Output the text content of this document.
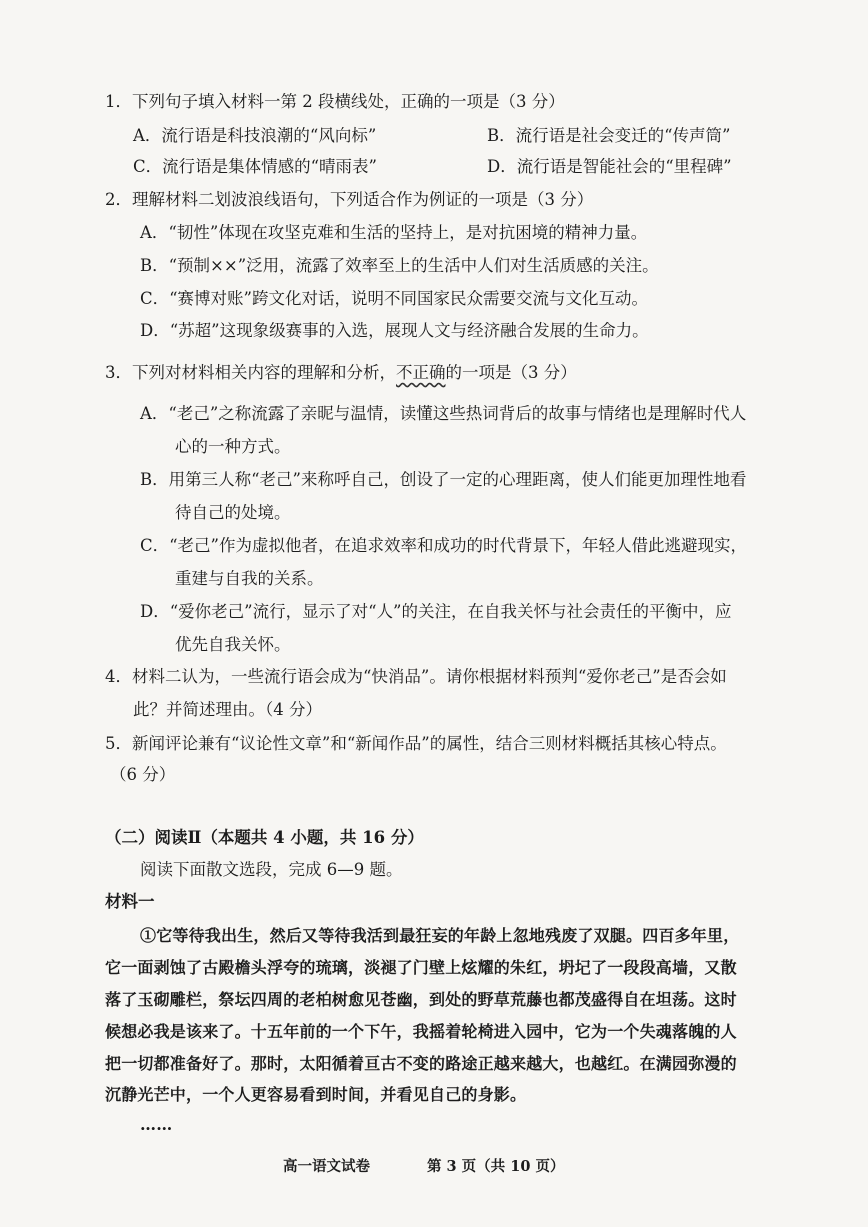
1．下列句子填入材料一第 2 段横线处，正确的一项是（3 分）
A．流行语是科技浪潮的“风向标”	B．流行语是社会变迁的“传声筒”
C．流行语是集体情感的“晴雨表”	D．流行语是智能社会的“里程碑”
2．理解材料二划波浪线语句，下列适合作为例证的一项是（3 分）
A．“韧性”体现在攻坚克难和生活的坚持上，是对抗困境的精神力量。
B．“预制××”泛用，流露了效率至上的生活中人们对生活质感的关注。
C．“赛博对账”跨文化对话，说明不同国家民众需要交流与文化互动。
D．“苏超”这现象级赛事的入选，展现人文与经济融合发展的生命力。
3．下列对材料相关内容的理解和分析，不正确的一项是（3 分）
A．“老己”之称流露了亲昵与温情，读懂这些热词背后的故事与情绪也是理解时代人
心的一种方式。
B．用第三人称“老己”来称呼自己，创设了一定的心理距离，使人们能更加理性地看
待自己的处境。
C．“老己”作为虚拟他者，在追求效率和成功的时代背景下，年轻人借此逃避现实，
重建与自我的关系。
D．“爱你老己”流行，显示了对“人”的关注，在自我关怀与社会责任的平衡中，应
优先自我关怀。
4．材料二认为，一些流行语会成为“快消品”。请你根据材料预判“爱你老己”是否会如
此？并简述理由。（4 分）
5．新闻评论兼有“议论性文章”和“新闻作品”的属性，结合三则材料概括其核心特点。
（6 分）
（二）阅读Ⅱ（本题共 4 小题，共 16 分）
阅读下面散文选段，完成 6—9 题。
材料一
①它等待我出生，然后又等待我活到最狂妄的年龄上忽地残废了双腿。四百多年里，
它一面剥蚀了古殿檐头浮夸的琉璃，淡褪了门壁上炫耀的朱红，坍圮了一段段高墙，又散
落了玉砌雕栏，祭坛四周的老柏树愈见苍幽，到处的野草荒藤也都茂盛得自在坦荡。这时
候想必我是该来了。十五年前的一个下午，我摇着轮椅进入园中，它为一个失魂落魄的人
把一切都准备好了。那时，太阳循着亘古不变的路途正越来越大，也越红。在满园弥漫的
沉静光芒中，一个人更容易看到时间，并看见自己的身影。
……
高一语文试卷	第 3 页（共 10 页）
